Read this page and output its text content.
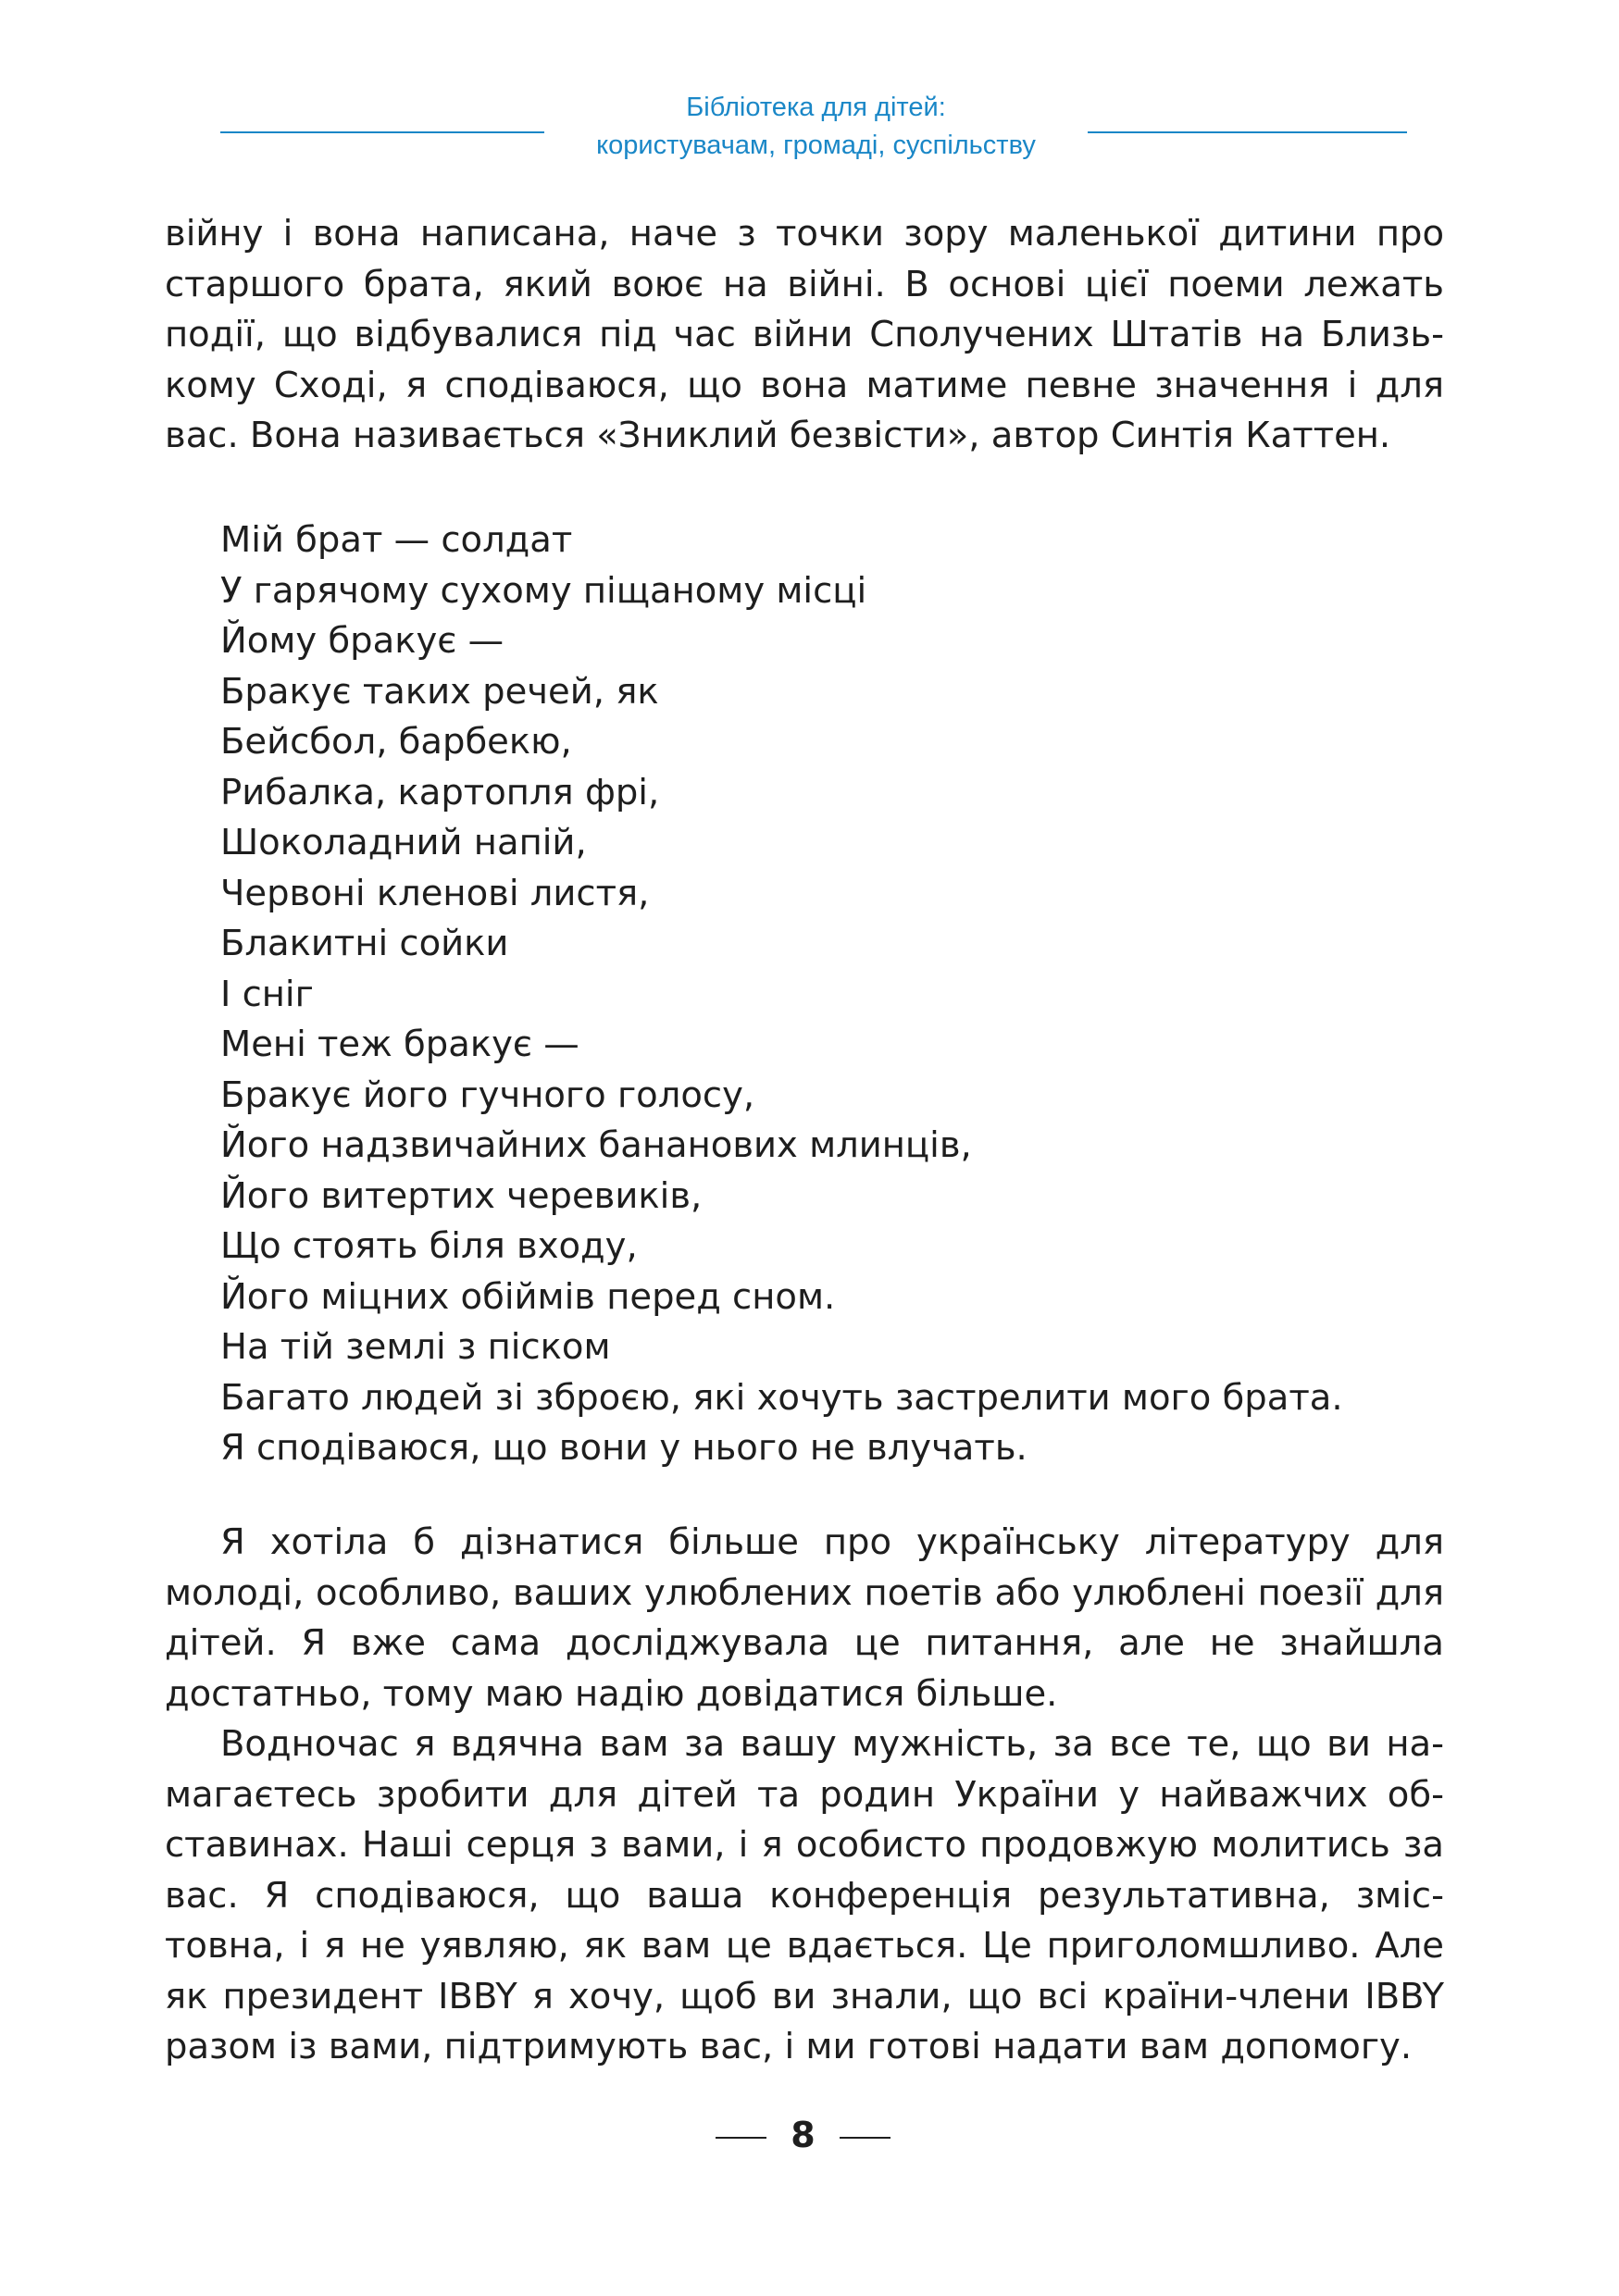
Бібліотека для дітей:
користувачам, громаді, суспільству

війну і вона написана, наче з точки зору маленької дитини про старшого брата, який воює на війні. В основі цієї поеми лежать події, що відбувалися під час війни Сполучених Штатів на Близькому Сході, я сподіваюся, що вона матиме певне значення і для вас. Вона називається «Зниклий безвісти», автор Синтія Каттен.

Мій брат — солдат
У гарячому сухому піщаному місці
Йому бракує —
Бракує таких речей, як
Бейсбол, барбекю,
Рибалка, картопля фрі,
Шоколадний напій,
Червоні кленові листя,
Блакитні сойки
І сніг
Мені теж бракує —
Бракує його гучного голосу,
Його надзвичайних бананових млинців,
Його витертих черевиків,
Що стоять біля входу,
Його міцних обіймів перед сном.
На тій землі з піском
Багато людей зі зброєю, які хочуть застрелити мого брата.
Я сподіваюся, що вони у нього не влучать.

Я хотіла б дізнатися більше про українську літературу для молоді, особливо, ваших улюблених поетів або улюблені поезії для дітей. Я вже сама досліджувала це питання, але не знайшла достатньо, тому маю надію довідатися більше.

Водночас я вдячна вам за вашу мужність, за все те, що ви намагаєтесь зробити для дітей та родин України у найважчих обставинах. Наші серця з вами, і я особисто продовжую молитись за вас. Я сподіваюся, що ваша конференція результативна, змістовна, і я не уявляю, як вам це вдається. Це приголомшливо. Але як президент IBBY я хочу, щоб ви знали, що всі країни-члени IBBY разом із вами, підтримують вас, і ми готові надати вам допомогу.

8
